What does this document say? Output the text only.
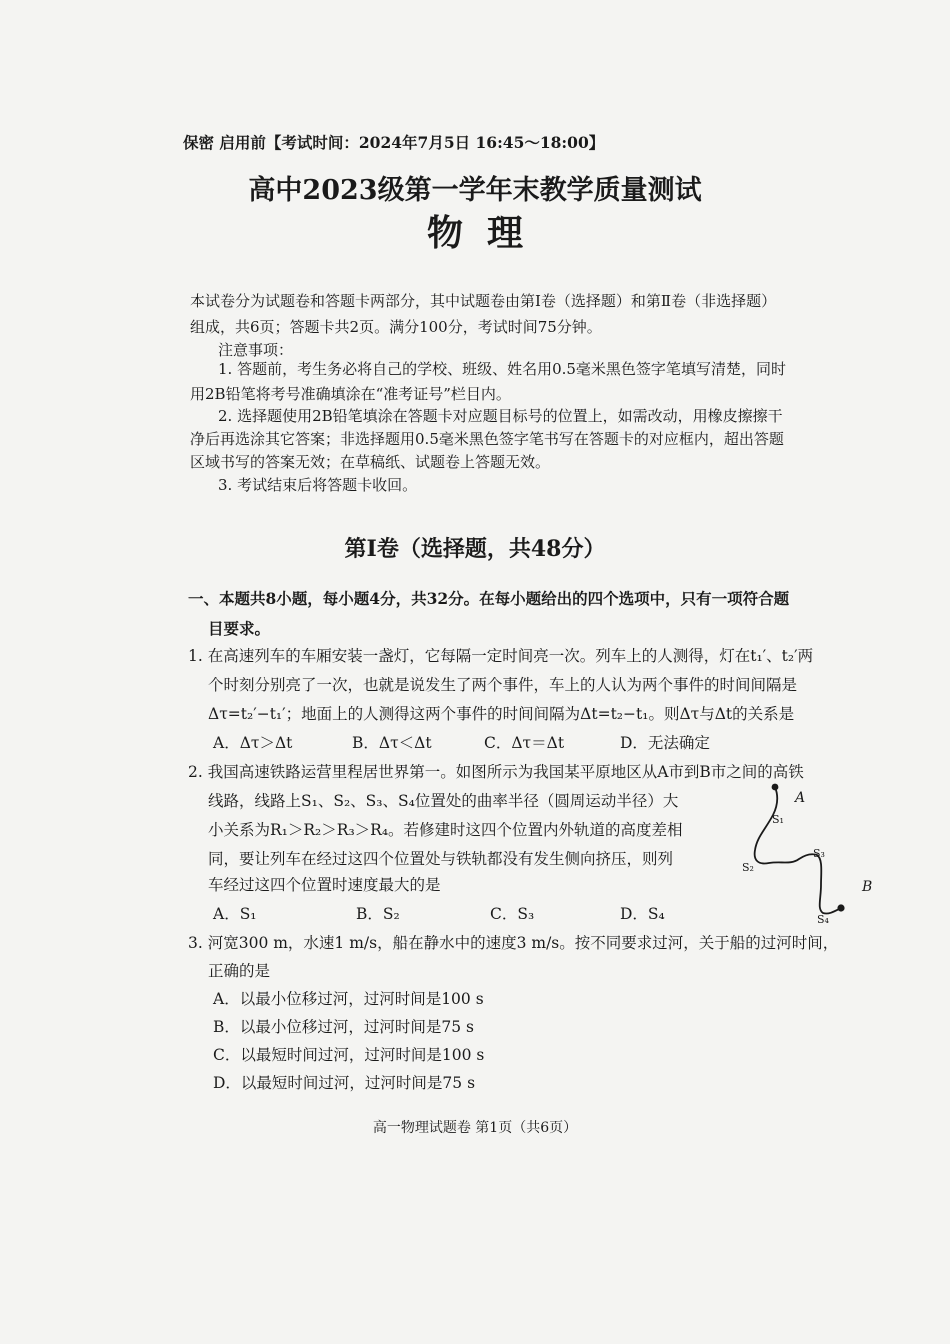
保密 启用前【考试时间：2024年7月5日 16:45～18:00】
高中2023级第一学年末教学质量测试
物理
本试卷分为试题卷和答题卡两部分，其中试题卷由第Ⅰ卷（选择题）和第Ⅱ卷（非选择题）
组成，共6页；答题卡共2页。满分100分，考试时间75分钟。
注意事项：
1. 答题前，考生务必将自己的学校、班级、姓名用0.5毫米黑色签字笔填写清楚，同时
用2B铅笔将考号准确填涂在“准考证号”栏目内。
2. 选择题使用2B铅笔填涂在答题卡对应题目标号的位置上，如需改动，用橡皮擦擦干
净后再选涂其它答案；非选择题用0.5毫米黑色签字笔书写在答题卡的对应框内，超出答题
区域书写的答案无效；在草稿纸、试题卷上答题无效。
3. 考试结束后将答题卡收回。
第Ⅰ卷（选择题，共48分）
一、本题共8小题，每小题4分，共32分。在每小题给出的四个选项中，只有一项符合题
目要求。
1. 在高速列车的车厢安装一盏灯，它每隔一定时间亮一次。列车上的人测得，灯在t₁′、t₂′两
个时刻分别亮了一次，也就是说发生了两个事件，车上的人认为两个事件的时间间隔是
Δτ=t₂′−t₁′；地面上的人测得这两个事件的时间间隔为Δt=t₂−t₁。则Δτ与Δt的关系是
A．Δτ＞Δt	B．Δτ＜Δt	C．Δτ＝Δt	D．无法确定
2. 我国高速铁路运营里程居世界第一。如图所示为我国某平原地区从A市到B市之间的高铁
线路，线路上S₁、S₂、S₃、S₄位置处的曲率半径（圆周运动半径）大
小关系为R₁＞R₂＞R₃＞R₄。若修建时这四个位置内外轨道的高度差相
同，要让列车在经过这四个位置处与铁轨都没有发生侧向挤压，则列
车经过这四个位置时速度最大的是
A．S₁	B．S₂	C．S₃	D．S₄
A
S₁
S₂
S₃
B
S₄
3. 河宽300 m，水速1 m/s，船在静水中的速度3 m/s。按不同要求过河，关于船的过河时间，
正确的是
A．以最小位移过河，过河时间是100 s
B．以最小位移过河，过河时间是75 s
C．以最短时间过河，过河时间是100 s
D．以最短时间过河，过河时间是75 s
高一物理试题卷 第1页（共6页）
